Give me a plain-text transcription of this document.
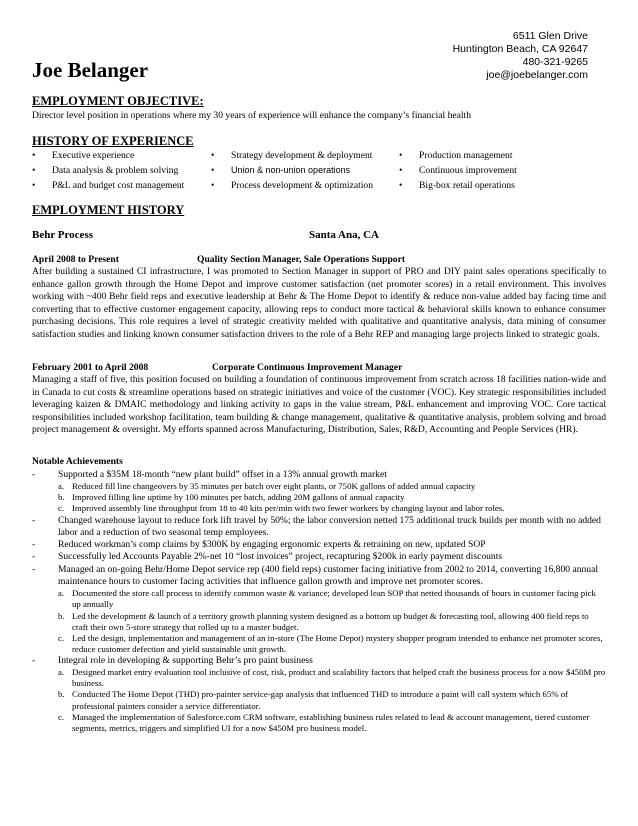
6511 Glen Drive
Huntington Beach, CA 92647
480-321-9265
joe@joebelanger.com
Joe Belanger
EMPLOYMENT OBJECTIVE:
Director level position in operations where my 30 years of experience will enhance the company’s financial health
HISTORY OF EXPERIENCE
•	Executive experience	•	Strategy development & deployment	•	Production management
•	Data analysis & problem solving	•	Union & non-union operations	•	Continuous improvement
•	P&L and budget cost management	•	Process development & optimization	•	Big-box retail operations
EMPLOYMENT HISTORY
Behr Process	Santa Ana, CA
April 2008 to Present	Quality Section Manager, Sale Operations Support
After building a sustained CI infrastructure, I was promoted to Section Manager in support of PRO and DIY paint sales operations specifically to enhance gallon growth through the Home Depot and improve customer satisfaction (net promoter scores) in a retail environment. This involves working with ~400 Behr field reps and executive leadership at Behr & The Home Depot to identify & reduce non-value added bay facing time and converting that to effective customer engagement capacity, allowing reps to conduct more tactical & behavioral skills known to enhance consumer purchasing decisions. This role requires a level of strategic creativity melded with qualitative and quantitative analysis, data mining of consumer satisfaction studies and linking known consumer satisfaction drivers to the role of a Behr REP and managing large projects linked to strategic goals.
February 2001 to April 2008	Corporate Continuous Improvement Manager
Managing a staff of five, this position focused on building a foundation of continuous improvement from scratch across 18 facilities nation-wide and in Canada to cut costs & streamline operations based on strategic initiatives and voice of the customer (VOC). Key strategic responsibilities included leveraging kaizen & DMAIC methodology and linking activity to gaps in the value stream, P&L enhancement and improving VOC. Core tactical responsibilities included workshop facilitation, team building & change management, qualitative & quantitative analysis, problem solving and broad project management & oversight. My efforts spanned across Manufacturing, Distribution, Sales, R&D, Accounting and People Services (HR).
Notable Achievements
- Supported a $35M 18-month “new plant build” offset in a 13% annual growth market
a. Reduced fill line changeovers by 35 minutes per batch over eight plants, or 750K gallons of added annual capacity
b. Improved filling line uptime by 100 minutes per batch, adding 20M gallons of annual capacity
c. Improved assembly line throughput from 18 to 40 kits per/min with two fewer workers by changing layout and labor roles.
- Changed warehouse layout to reduce fork lift travel by 50%; the labor conversion netted 175 additional truck builds per month with no added labor and a reduction of two seasonal temp employees.
- Reduced workman’s comp claims by $300K by engaging ergonomic experts & retraining on new, updated SOP
- Successfully led Accounts Payable 2%-net 10 “lost invoices” project, recapturing $200k in early payment discounts
- Managed an on-going Behr/Home Depot service rep (400 field reps) customer facing initiative from 2002 to 2014, converting 16,800 annual maintenance hours to customer facing activities that influence gallon growth and improve net promoter scores.
a. Documented the store call process to identify common waste & variance; developed lean SOP that netted thousands of hours in customer facing pick up annually
b. Led the development & launch of a territory growth planning system designed as a bottom up budget & forecasting tool, allowing 400 field reps to craft their own 5-store strategy that rolled up to a master budget.
c. Led the design, implementation and management of an in-store (The Home Depot) mystery shopper program intended to enhance net promoter scores, reduce customer defection and yield sustainable unit growth.
- Integral role in developing & supporting Behr’s pro paint business
a. Designed market entry evaluation tool inclusive of cost, risk, product and scalability factors that helped craft the business process for a now $450M pro business.
b. Conducted The Home Depot (THD) pro-painter service-gap analysis that influenced THD to introduce a paint will call system which 65% of professional painters consider a service differentiator.
c. Managed the implementation of Salesforce.com CRM software, establishing business rules related to lead & account management, tiered customer segments, metrics, triggers and simplified UI for a now $450M pro business model.
